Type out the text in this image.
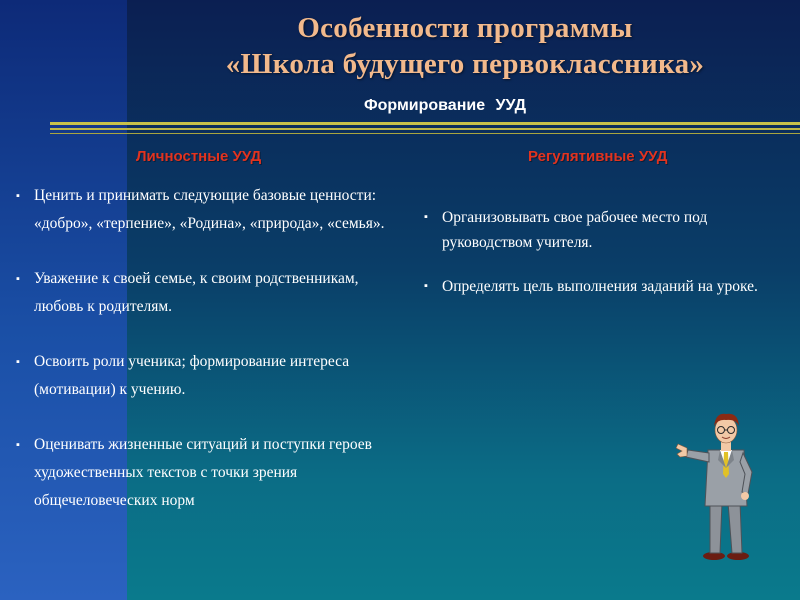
Особенности программы
«Школа будущего первоклассника»
Формирование УУД
Личностные УУД	Регулятивные УУД
▪ Ценить и принимать следующие базовые ценности: «добро», «терпение», «Родина», «природа», «семья».
▪ Уважение к своей семье, к своим родственникам, любовь к родителям.
▪ Освоить роли ученика; формирование интереса (мотивации) к учению.
▪ Оценивать жизненные ситуаций и поступки героев художественных текстов с точки зрения общечеловеческих норм
▪ Организовывать свое рабочее место под руководством учителя.
▪ Определять цель выполнения заданий на уроке.
